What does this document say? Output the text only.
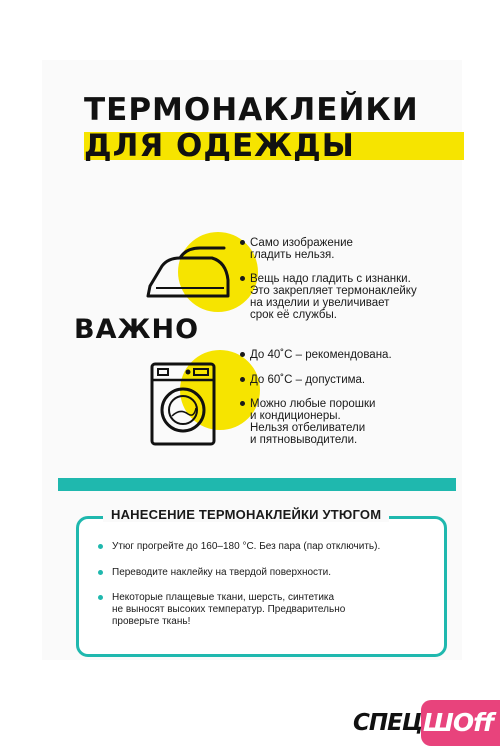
ТЕРМОНАКЛЕЙКИ
ДЛЯ ОДЕЖДЫ
ВАЖНО
Само изображение
гладить нельзя.
Вещь надо гладить с изнанки.
Это закрепляет термонаклейку
на изделии и увеличивает
срок её службы.
До 40˚С – рекомендована.
До 60˚С – допустима.
Можно любые порошки
и кондиционеры.
Нельзя отбеливатели
и пятновыводители.
НАНЕСЕНИЕ ТЕРМОНАКЛЕЙКИ УТЮГОМ
Утюг прогрейте до 160–180 °С. Без пара (пар отключить).
Переводите наклейку на твердой поверхности.
Некоторые плащевые ткани, шерсть, синтетика
не выносят высоких температур. Предварительно
проверьте ткань!
СПЕЦ ШОff
